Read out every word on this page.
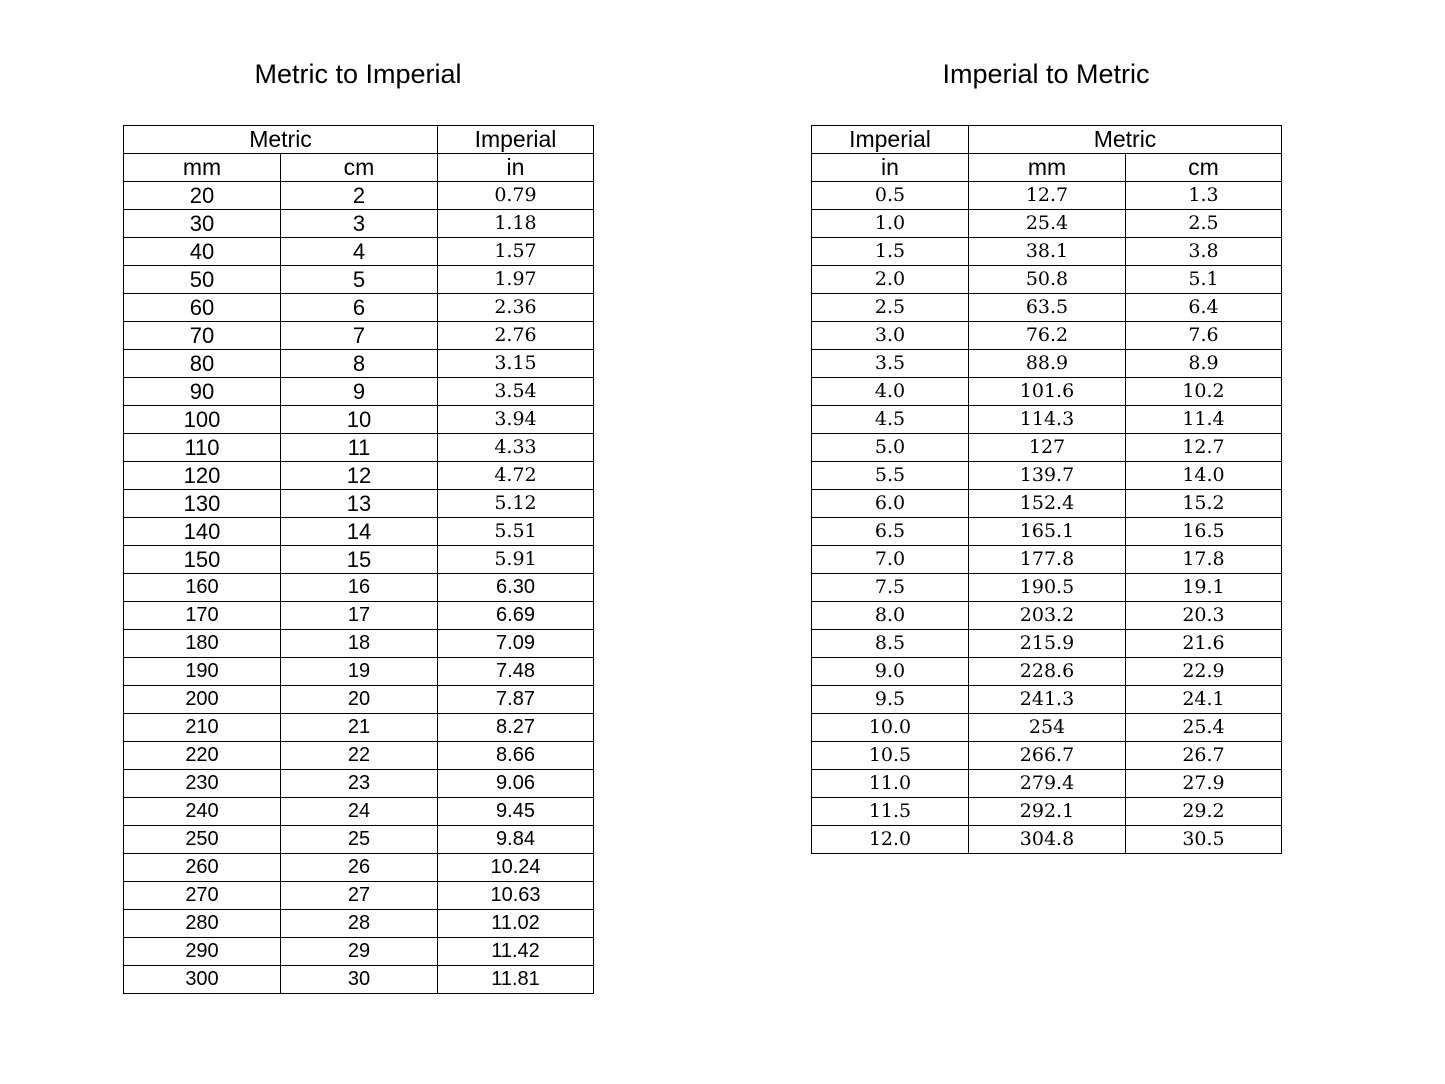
Metric to Imperial	Imperial to Metric
Metric		Imperial
mm	cm	in
20	2	0.79
30	3	1.18
40	4	1.57
50	5	1.97
60	6	2.36
70	7	2.76
80	8	3.15
90	9	3.54
100	10	3.94
110	11	4.33
120	12	4.72
130	13	5.12
140	14	5.51
150	15	5.91
160	16	6.30
170	17	6.69
180	18	7.09
190	19	7.48
200	20	7.87
210	21	8.27
220	22	8.66
230	23	9.06
240	24	9.45
250	25	9.84
260	26	10.24
270	27	10.63
280	28	11.02
290	29	11.42
300	30	11.81
Imperial	Metric	
in	mm	cm
0.5	12.7	1.3
1.0	25.4	2.5
1.5	38.1	3.8
2.0	50.8	5.1
2.5	63.5	6.4
3.0	76.2	7.6
3.5	88.9	8.9
4.0	101.6	10.2
4.5	114.3	11.4
5.0	127	12.7
5.5	139.7	14.0
6.0	152.4	15.2
6.5	165.1	16.5
7.0	177.8	17.8
7.5	190.5	19.1
8.0	203.2	20.3
8.5	215.9	21.6
9.0	228.6	22.9
9.5	241.3	24.1
10.0	254	25.4
10.5	266.7	26.7
11.0	279.4	27.9
11.5	292.1	29.2
12.0	304.8	30.5
